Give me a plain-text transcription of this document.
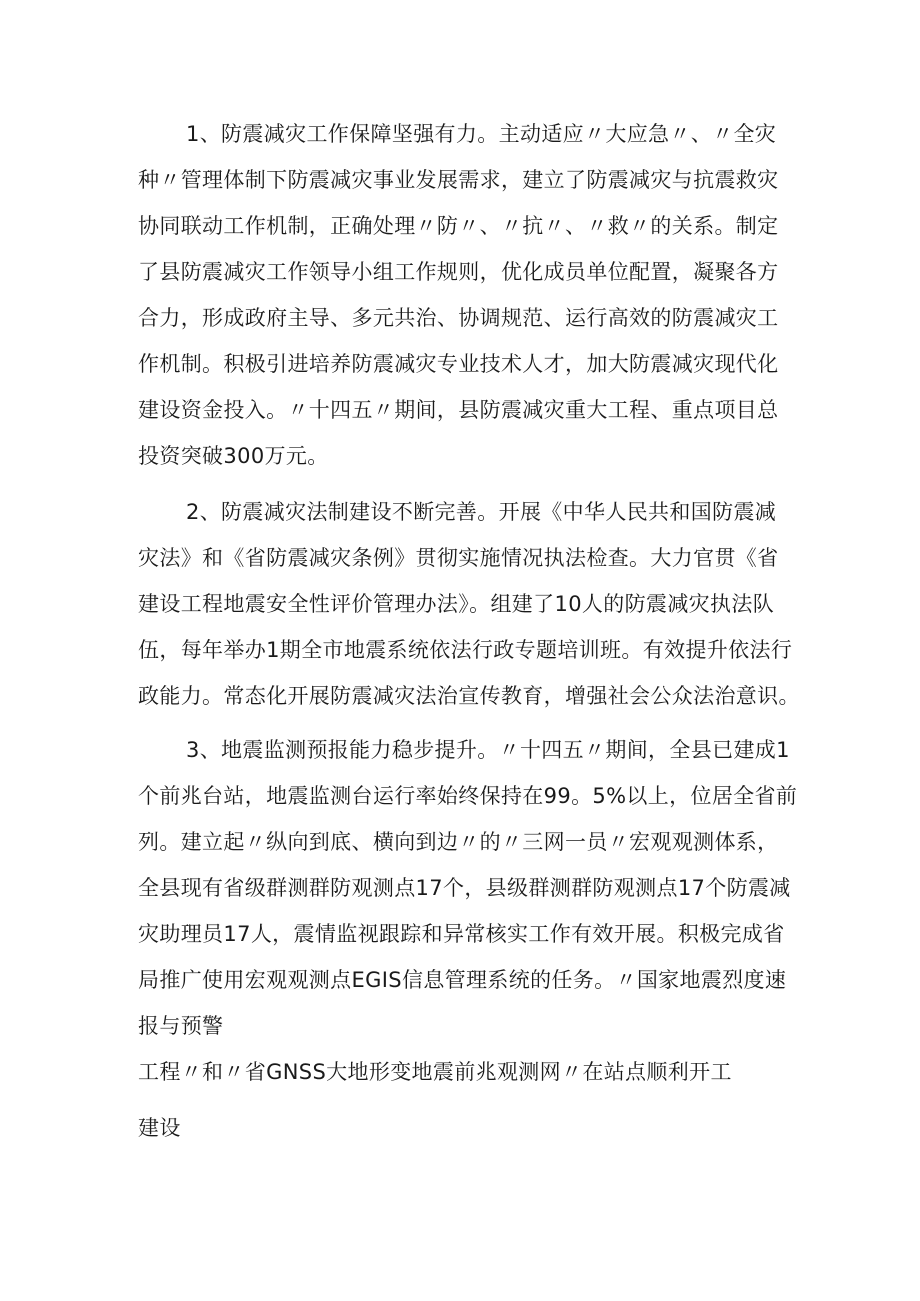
1、防震减灾工作保障坚强有力。主动适应〃大应急〃、〃全灾
种〃管理体制下防震减灾事业发展需求，建立了防震减灾与抗震救灾
协同联动工作机制，正确处理〃防〃、〃抗〃、〃救〃的关系。制定
了县防震减灾工作领导小组工作规则，优化成员单位配置，凝聚各方
合力，形成政府主导、多元共治、协调规范、运行高效的防震减灾工
作机制。积极引进培养防震减灾专业技术人才，加大防震减灾现代化
建设资金投入。〃十四五〃期间，县防震减灾重大工程、重点项目总
投资突破300万元。
2、防震减灾法制建设不断完善。开展《中华人民共和国防震减
灾法》和《省防震减灾条例》贯彻实施情况执法检查。大力官贯《省
建设工程地震安全性评价管理办法》。组建了10人的防震减灾执法队
伍，每年举办1期全市地震系统依法行政专题培训班。有效提升依法行
政能力。常态化开展防震减灾法治宣传教育，增强社会公众法治意识。
3、地震监测预报能力稳步提升。〃十四五〃期间，全县已建成1
个前兆台站，地震监测台运行率始终保持在99。5%以上，位居全省前
列。建立起〃纵向到底、横向到边〃的〃三网一员〃宏观观测体系，
全县现有省级群测群防观测点17个，县级群测群防观测点17个防震减
灾助理员17人，震情监视跟踪和异常核实工作有效开展。积极完成省
局推广使用宏观观测点EGIS信息管理系统的任务。〃国家地震烈度速
报与预警
工程〃和〃省GNSS大地形变地震前兆观测网〃在站点顺利开工
建设
